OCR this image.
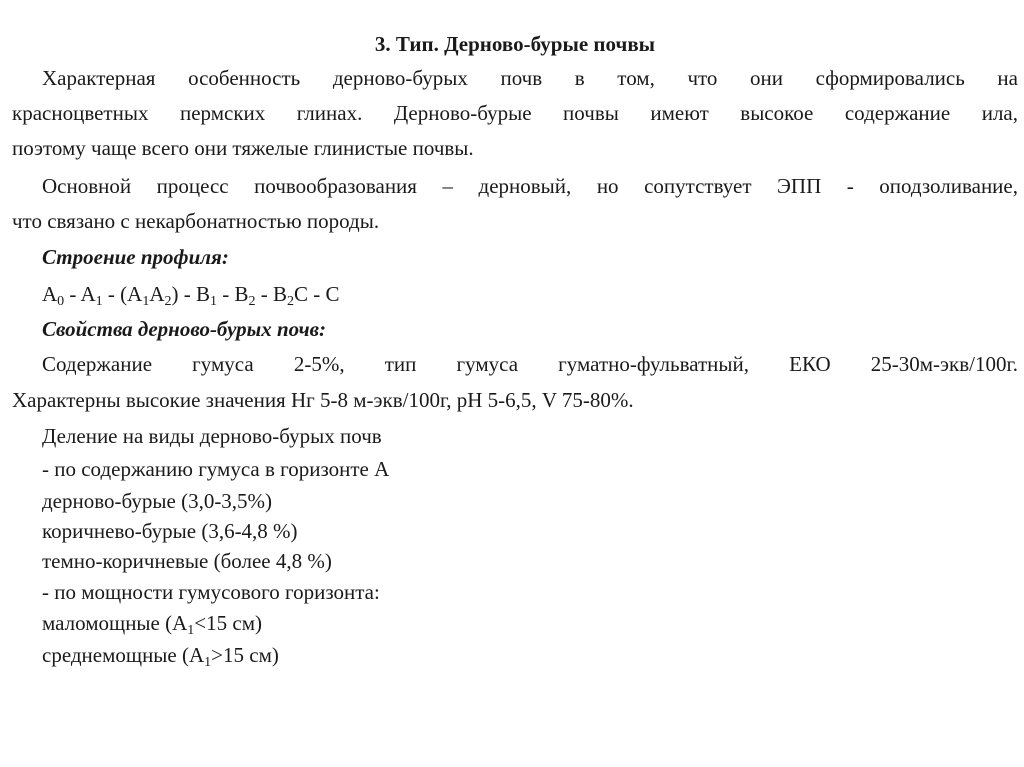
3. Тип. Дерново-бурые почвы
Характерная особенность дерново-бурых почв в том, что они сформировались на
красноцветных пермских глинах. Дерново-бурые почвы имеют высокое содержание ила,
поэтому чаще всего они тяжелые глинистые почвы.
Основной процесс почвообразования – дерновый, но сопутствует ЭПП - оподзоливание,
что связано с некарбонатностью породы.
Строение профиля:
$A_0 - A_1 - (A_1A_2) - B_1 - B_2 - B_2C$ - C
Свойства дерново-бурых почв:
Содержание гумуса 2-5%, тип гумуса гуматно-фульватный, ЕКО 25-30м-экв/100г.
Характерны высокие значения Hг 5-8 м-экв/100г, рН 5-6,5, V 75-80%.
Деление на виды дерново-бурых почв
- по содержанию гумуса в горизонте А
дерново-бурые (3,0-3,5%)
коричнево-бурые (3,6-4,8 %)
темно-коричневые (более 4,8 %)
- по мощности гумусового горизонта:
маломощные ($A_1<15$ см)
среднемощные ($A_1>15$ см)
